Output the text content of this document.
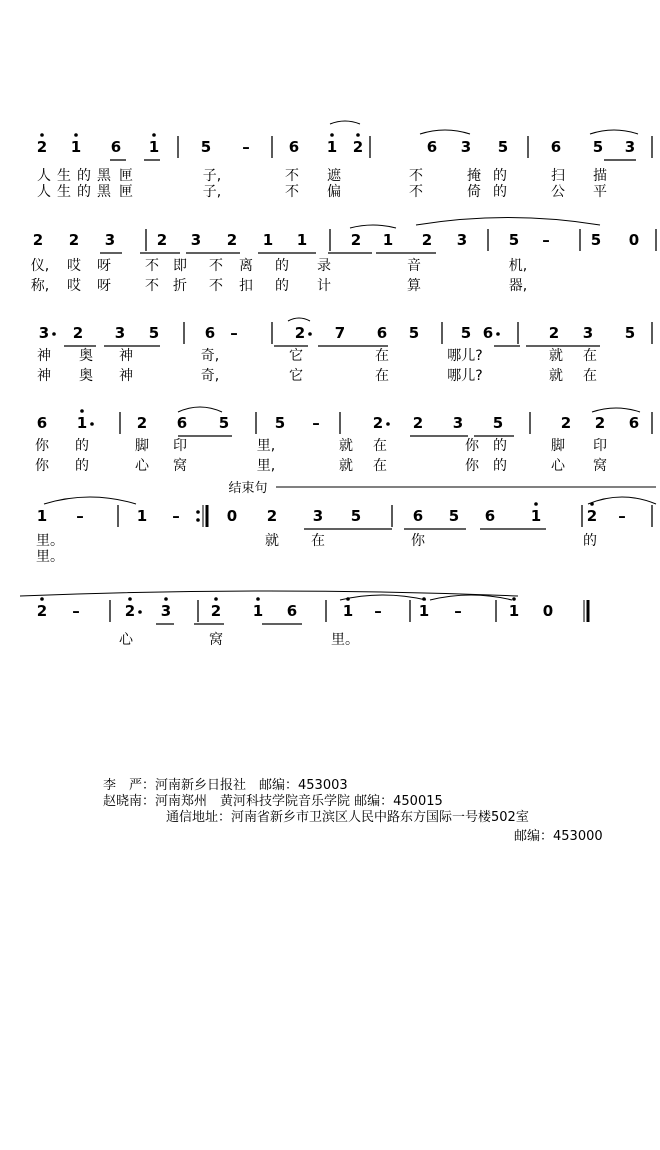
2 1 6 1	5 –	6 1 2	6 3 5	6 5 3
人 生 的 黑 匣	子,	不 遮	不	掩 的	扫 描
人 生 的 黑 匣	子,	不 偏	不	倚 的	公 平
2 2 3	2 3 2 1 1	2 1 2 3	5 –	5 0
仪, 哎 呀 不 即 不 离 的 录	音	机,
称, 哎 呀 不 折 不 扣 的 计	算	器,
3 2 3 5	6 –	2 7 6 5	5 6	2 3 5
神 奥 神	奇,	它	在	哪儿?	就 在
神 奥 神	奇,	它	在	哪儿?	就 在
6 1	2 6 5	5 –	2 2 3 5	2 2 6
你 的	脚 印	里,	就 在	你 的	脚 印
你 的	心 窝	里,	就 在	你 的	心 窝
1 –	1 –	0 2 3 5	6 5 6 1	2 –
结束句
里。	就 在	你	的
里。
2 –	2 3	2 1 6	1 – 1 –	1 0
心	窝	里。
李　严：河南新乡日报社　邮编：453003
赵晓南：河南郑州　黄河科技学院音乐学院 邮编：450015
通信地址：河南省新乡市卫滨区人民中路东方国际一号楼502室
邮编：453000
